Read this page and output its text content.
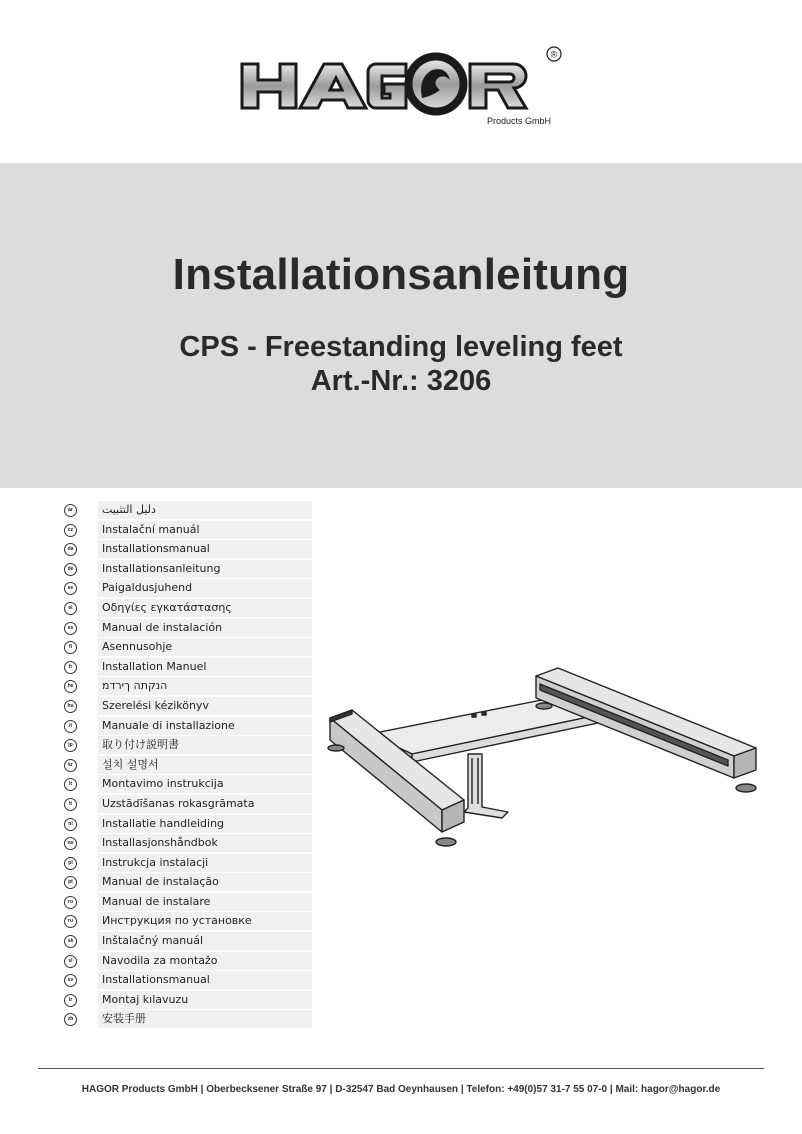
®
Products GmbH
Installationsanleitung
CPS - Freestanding leveling feet
Art.-Nr.: 3206
ar	دليل التثبيت
cz	Instalační manuál
da	Installationsmanual
de	Installationsanleitung
ee	Paigaldusjuhend
el	Οδηγίες εγκατάστασης
es	Manual de instalación
fi	Asennusohje
fr	Installation Manuel
he	הנקתה ךירדמ
hu	Szerelési kézikönyv
it	Manuale di installazione
jp	取り付け説明書
kr	설치 설명서
lt	Montavimo instrukcija
lt	Uzstādīšanas rokasgrāmata
nl	Installatie handleiding
no	Installasjonshåndbok
pl	Instrukcja instalacji
pt	Manual de instalação
ro	Manual de instalare
ru	Инструкция по установке
sk	Inštalačný manuál
sl	Navodila za montažo
sv	Installationsmanual
tr	Montaj kılavuzu
zh	安装手册
HAGOR Products GmbH | Oberbecksener Straße 97 | D-32547 Bad Oeynhausen | Telefon: +49(0)57 31-7 55 07-0 | Mail: hagor@hagor.de
